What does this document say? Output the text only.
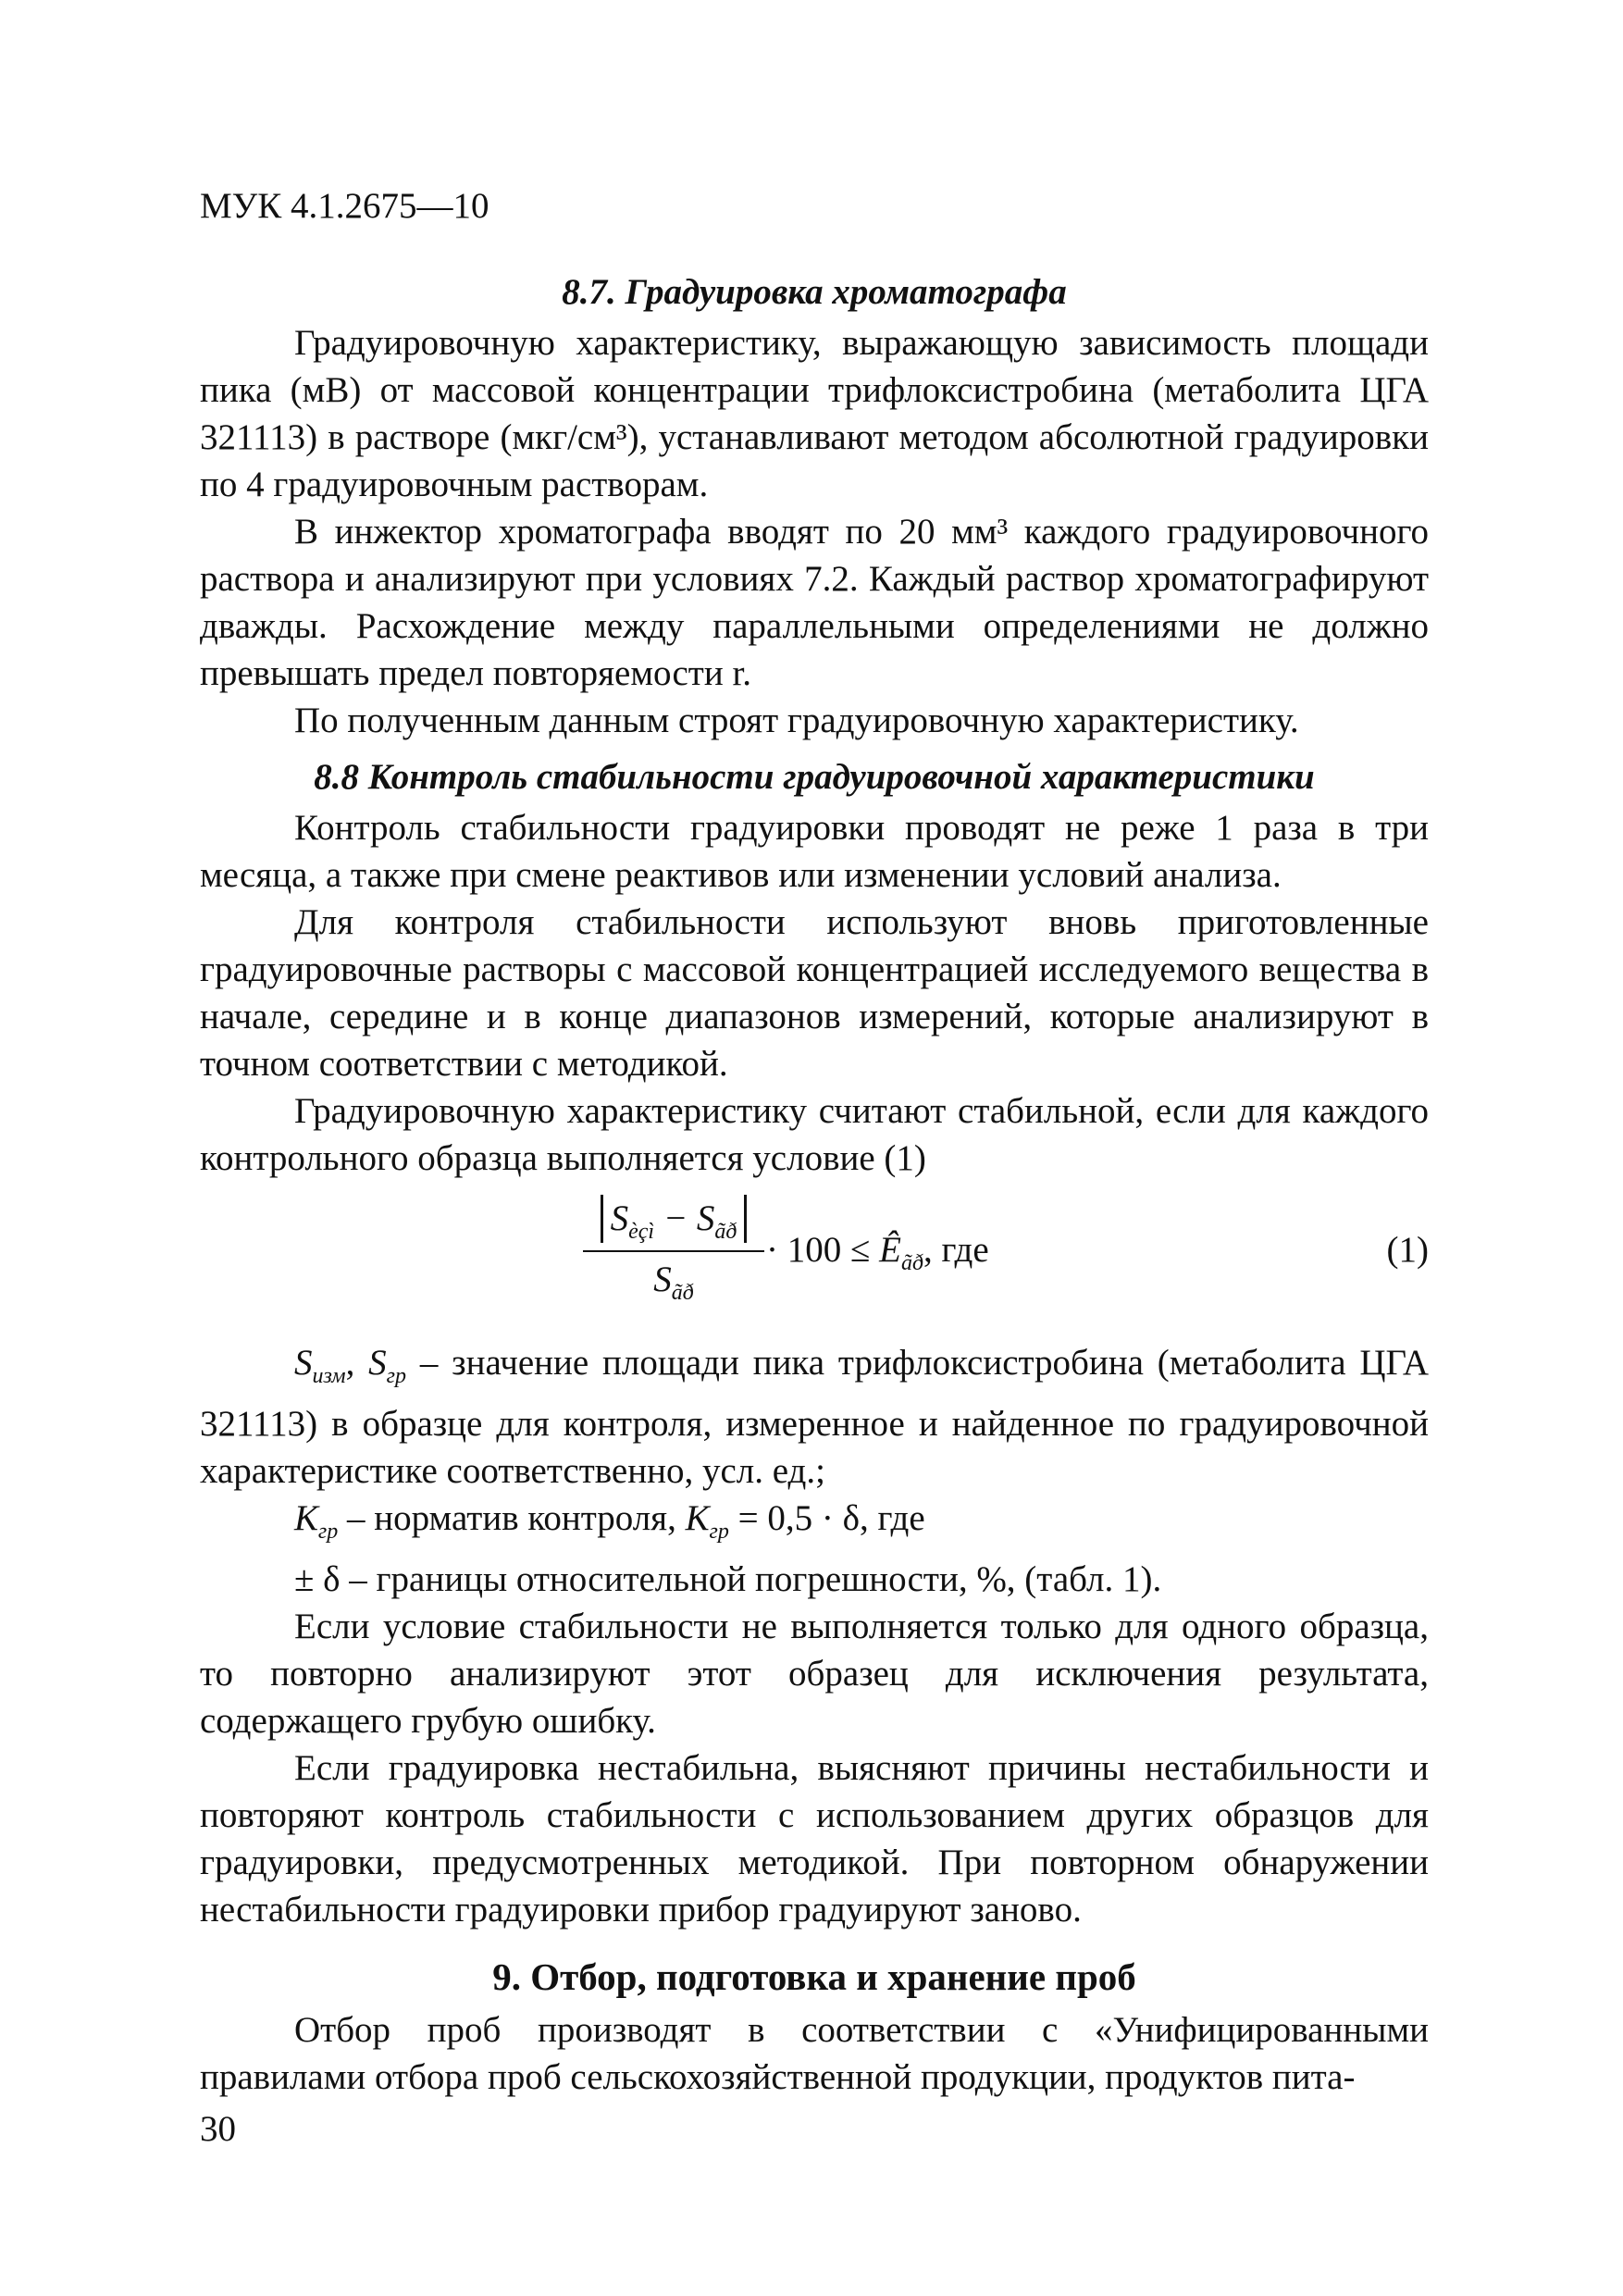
МУК 4.1.2675—10
8.7. Градуировка хроматографа

Градуировочную характеристику, выражающую зависимость площади пика (мВ) от массовой концентрации трифлоксистробина (метаболита ЦГА 321113) в растворе (мкг/см³), устанавливают методом абсолютной градуировки по 4 градуировочным растворам.

В инжектор хроматографа вводят по 20 мм³ каждого градуировочного раствора и анализируют при условиях 7.2. Каждый раствор хроматографируют дважды. Расхождение между параллельными определениями не должно превышать предел повторяемости r.

По полученным данным строят градуировочную характеристику.

8.8 Контроль стабильности градуировочной характеристики

Контроль стабильности градуировки проводят не реже 1 раза в три месяца, а также при смене реактивов или изменении условий анализа.

Для контроля стабильности используют вновь приготовленные градуировочные растворы с массовой концентрацией исследуемого вещества в начале, середине и в конце диапазонов измерений, которые анализируют в точном соответствии с методикой.

Градуировочную характеристику считают стабильной, если для каждого контрольного образца выполняется условие (1)

$S_{èçì} - S_{ãð}$
$S_{ãð}$
· $100 \le Ê_{ãð}$, где	(1)

$S_{изм}$, $S_{гр}$ – значение площади пика трифлоксистробина (метаболита ЦГА 321113) в образце для контроля, измеренное и найденное по градуировочной характеристике соответственно, усл. ед.;

$К_{гр}$ – норматив контроля, $К_{гр} = 0,5 \cdot \delta$, где

± δ – границы относительной погрешности, %, (табл. 1).

Если условие стабильности не выполняется только для одного образца, то повторно анализируют этот образец для исключения результата, содержащего грубую ошибку.

Если градуировка нестабильна, выясняют причины нестабильности и повторяют контроль стабильности с использованием других образцов для градуировки, предусмотренных методикой. При повторном обнаружении нестабильности градуировки прибор градуируют заново.

9. Отбор, подготовка и хранение проб

Отбор проб производят в соответствии с «Унифицированными правилами отбора проб сельскохозяйственной продукции, продуктов пита-

30
